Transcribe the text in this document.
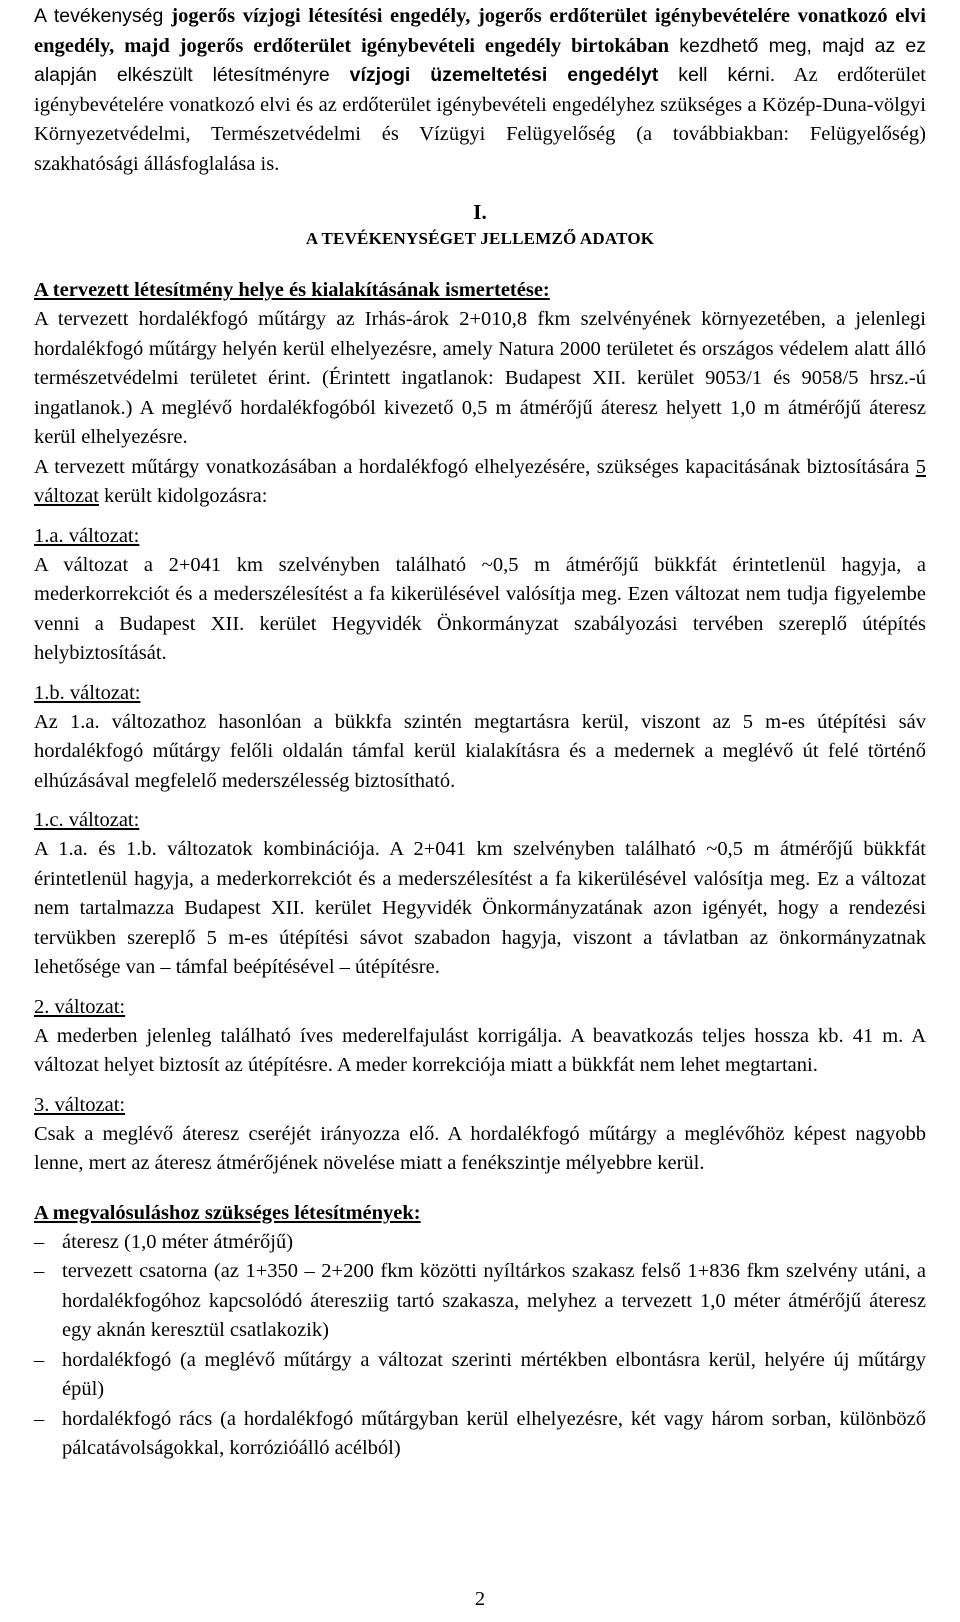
A tevékenység jogerős vízjogi létesítési engedély, jogerős erdőterület igénybevételére vonatkozó elvi engedély, majd jogerős erdőterület igénybevételi engedély birtokában kezdhető meg, majd az ez alapján elkészült létesítményre vízjogi üzemeltetési engedélyt kell kérni. Az erdőterület igénybevételére vonatkozó elvi és az erdőterület igénybevételi engedélyhez szükséges a Közép-Duna-völgyi Környezetvédelmi, Természetvédelmi és Vízügyi Felügyelőség (a továbbiakban: Felügyelőség) szakhatósági állásfoglalása is.

I.
A TEVÉKENYSÉGET JELLEMZŐ ADATOK

A tervezett létesítmény helye és kialakításának ismertetése:

A tervezett hordalékfogó műtárgy az Irhás-árok 2+010,8 fkm szelvényének környezetében, a jelenlegi hordalékfogó műtárgy helyén kerül elhelyezésre, amely Natura 2000 területet és országos védelem alatt álló természetvédelmi területet érint. (Érintett ingatlanok: Budapest XII. kerület 9053/1 és 9058/5 hrsz.-ú ingatlanok.) A meglévő hordalékfogóból kivezető 0,5 m átmérőjű áteresz helyett 1,0 m átmérőjű áteresz kerül elhelyezésre.

A tervezett műtárgy vonatkozásában a hordalékfogó elhelyezésére, szükséges kapacitásának biztosítására 5 változat került kidolgozásra:

1.a. változat:

A változat a 2+041 km szelvényben található ~0,5 m átmérőjű bükkfát érintetlenül hagyja, a mederkorrekciót és a mederszélesítést a fa kikerülésével valósítja meg. Ezen változat nem tudja figyelembe venni a Budapest XII. kerület Hegyvidék Önkormányzat szabályozási tervében szereplő útépítés helybiztosítását.

1.b. változat:

Az 1.a. változathoz hasonlóan a bükkfa szintén megtartásra kerül, viszont az 5 m-es útépítési sáv hordalékfogó műtárgy felőli oldalán támfal kerül kialakításra és a medernek a meglévő út felé történő elhúzásával megfelelő mederszélesség biztosítható.

1.c. változat:

A 1.a. és 1.b. változatok kombinációja. A 2+041 km szelvényben található ~0,5 m átmérőjű bükkfát érintetlenül hagyja, a mederkorrekciót és a mederszélesítést a fa kikerülésével valósítja meg. Ez a változat nem tartalmazza Budapest XII. kerület Hegyvidék Önkormányzatának azon igényét, hogy a rendezési tervükben szereplő 5 m-es útépítési sávot szabadon hagyja, viszont a távlatban az önkormányzatnak lehetősége van – támfal beépítésével – útépítésre.

2. változat:

A mederben jelenleg található íves mederelfajulást korrigálja. A beavatkozás teljes hossza kb. 41 m. A változat helyet biztosít az útépítésre. A meder korrekciója miatt a bükkfát nem lehet megtartani.

3. változat:

Csak a meglévő áteresz cseréjét irányozza elő. A hordalékfogó műtárgy a meglévőhöz képest nagyobb lenne, mert az áteresz átmérőjének növelése miatt a fenékszintje mélyebbre kerül.

A megvalósuláshoz szükséges létesítmények:

– áteresz (1,0 méter átmérőjű)
– tervezett csatorna (az 1+350 – 2+200 fkm közötti nyíltárkos szakasz felső 1+836 fkm szelvény utáni, a hordalékfogóhoz kapcsolódó áteresziig tartó szakasza, melyhez a tervezett 1,0 méter átmérőjű áteresz egy aknán keresztül csatlakozik)
– hordalékfogó (a meglévő műtárgy a változat szerinti mértékben elbontásra kerül, helyére új műtárgy épül)
– hordalékfogó rács (a hordalékfogó műtárgyban kerül elhelyezésre, két vagy három sorban, különböző pálcatávolságokkal, korrózióálló acélból)
2
